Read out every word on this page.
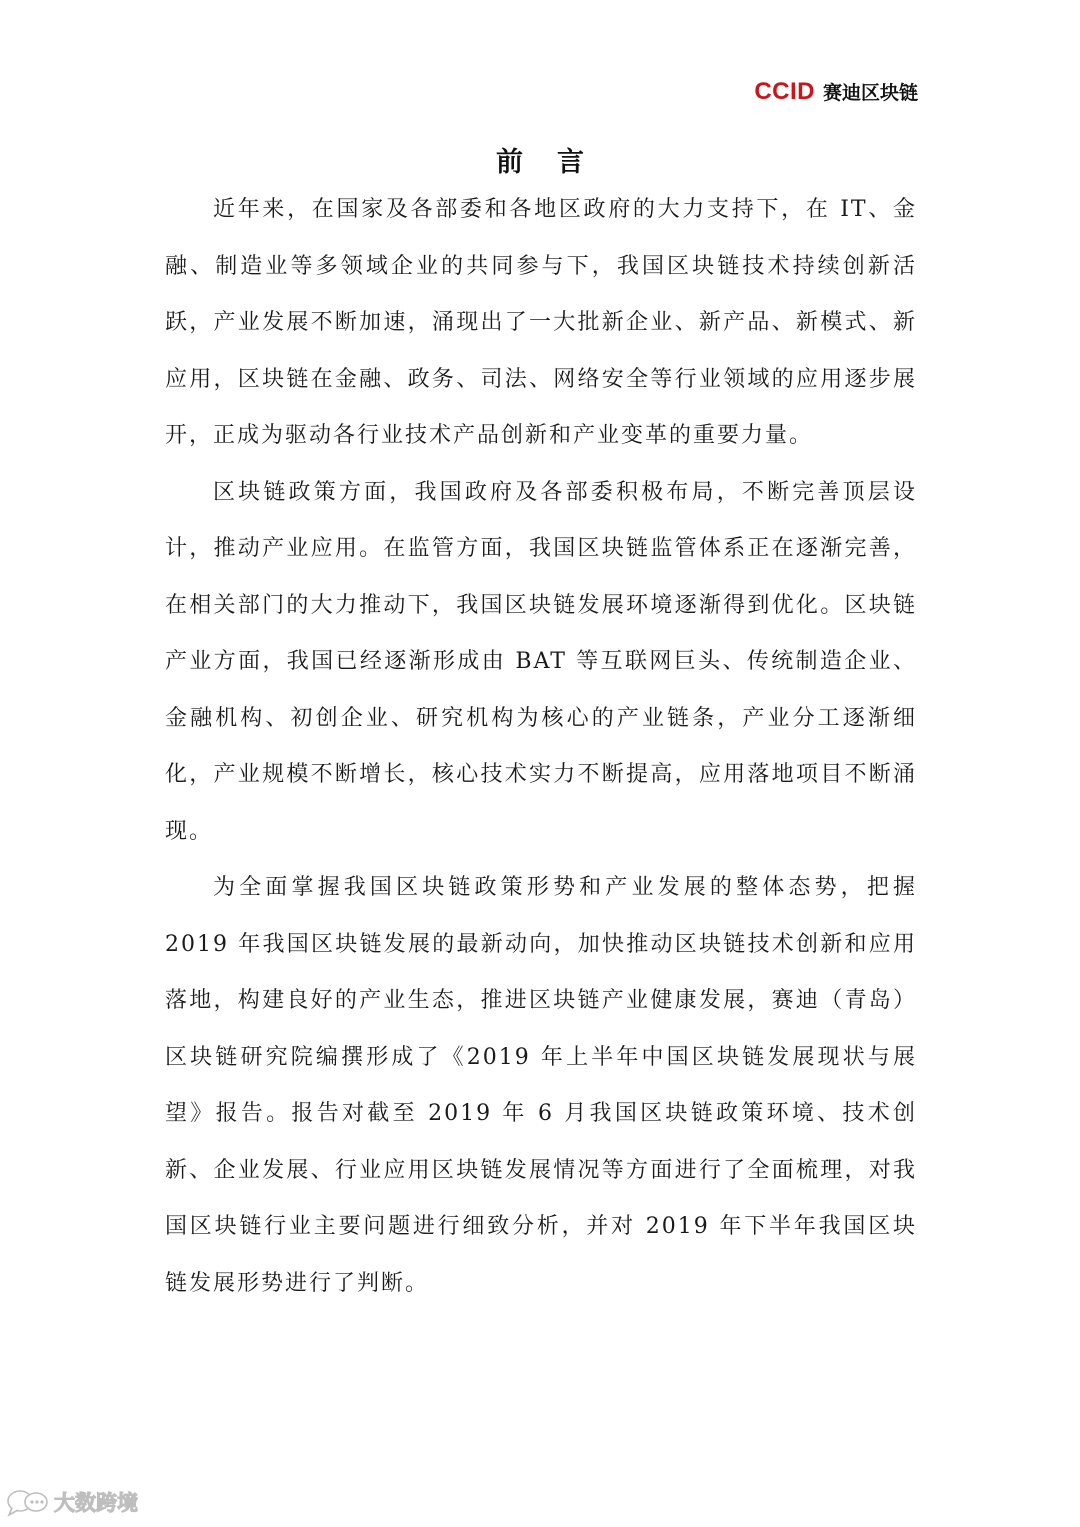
CCID 赛迪区块链
前 言

近年来，在国家及各部委和各地区政府的大力支持下，在 IT、金融、制造业等多领域企业的共同参与下，我国区块链技术持续创新活跃，产业发展不断加速，涌现出了一大批新企业、新产品、新模式、新应用，区块链在金融、政务、司法、网络安全等行业领域的应用逐步展开，正成为驱动各行业技术产品创新和产业变革的重要力量。

区块链政策方面，我国政府及各部委积极布局，不断完善顶层设计，推动产业应用。在监管方面，我国区块链监管体系正在逐渐完善，在相关部门的大力推动下，我国区块链发展环境逐渐得到优化。区块链产业方面，我国已经逐渐形成由 BAT 等互联网巨头、传统制造企业、金融机构、初创企业、研究机构为核心的产业链条，产业分工逐渐细化，产业规模不断增长，核心技术实力不断提高，应用落地项目不断涌现。

为全面掌握我国区块链政策形势和产业发展的整体态势，把握 2019 年我国区块链发展的最新动向，加快推动区块链技术创新和应用落地，构建良好的产业生态，推进区块链产业健康发展，赛迪（青岛）区块链研究院编撰形成了《2019 年上半年中国区块链发展现状与展望》报告。报告对截至 2019 年 6 月我国区块链政策环境、技术创新、企业发展、行业应用区块链发展情况等方面进行了全面梳理，对我国区块链行业主要问题进行细致分析，并对 2019 年下半年我国区块链发展形势进行了判断。

大数跨境
